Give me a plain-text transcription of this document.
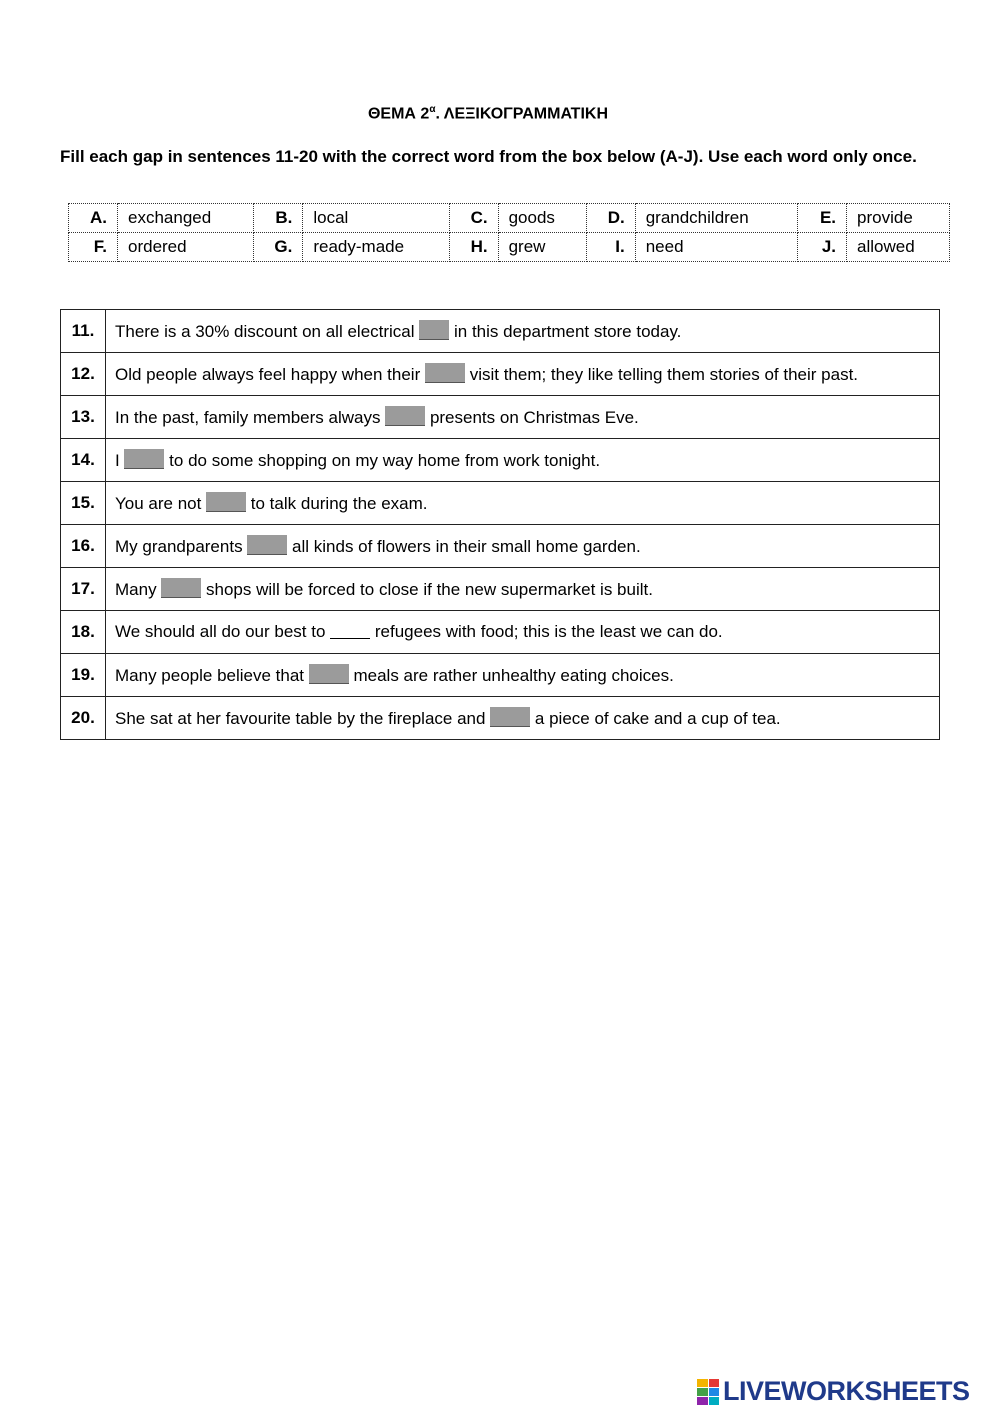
ΘΕΜΑ $2^\alpha$. ΛΕΞΙΚΟΓΡΑΜΜΑΤΙΚΗ
Fill each gap in sentences 11-20 with the correct word from the box below (A-J). Use each word only once.
A.	exchanged	B.	local	C.	goods	D.	grandchildren	E.	provide
F.	ordered	G.	ready-made	H.	grew	I.	need	J.	allowed
11.	There is a 30% discount on all electrical  in this department store today.
12.	Old people always feel happy when their  visit them; they like telling them stories of their past.
13.	In the past, family members always  presents on Christmas Eve.
14.	I  to do some shopping on my way home from work tonight.
15.	You are not  to talk during the exam.
16.	My grandparents  all kinds of flowers in their small home garden.
17.	Many  shops will be forced to close if the new supermarket is built.
18.	We should all do our best to  refugees with food; this is the least we can do.
19.	Many people believe that  meals are rather unhealthy eating choices.
20.	She sat at her favourite table by the fireplace and  a piece of cake and a cup of tea.
LIVEWORKSHEETS
